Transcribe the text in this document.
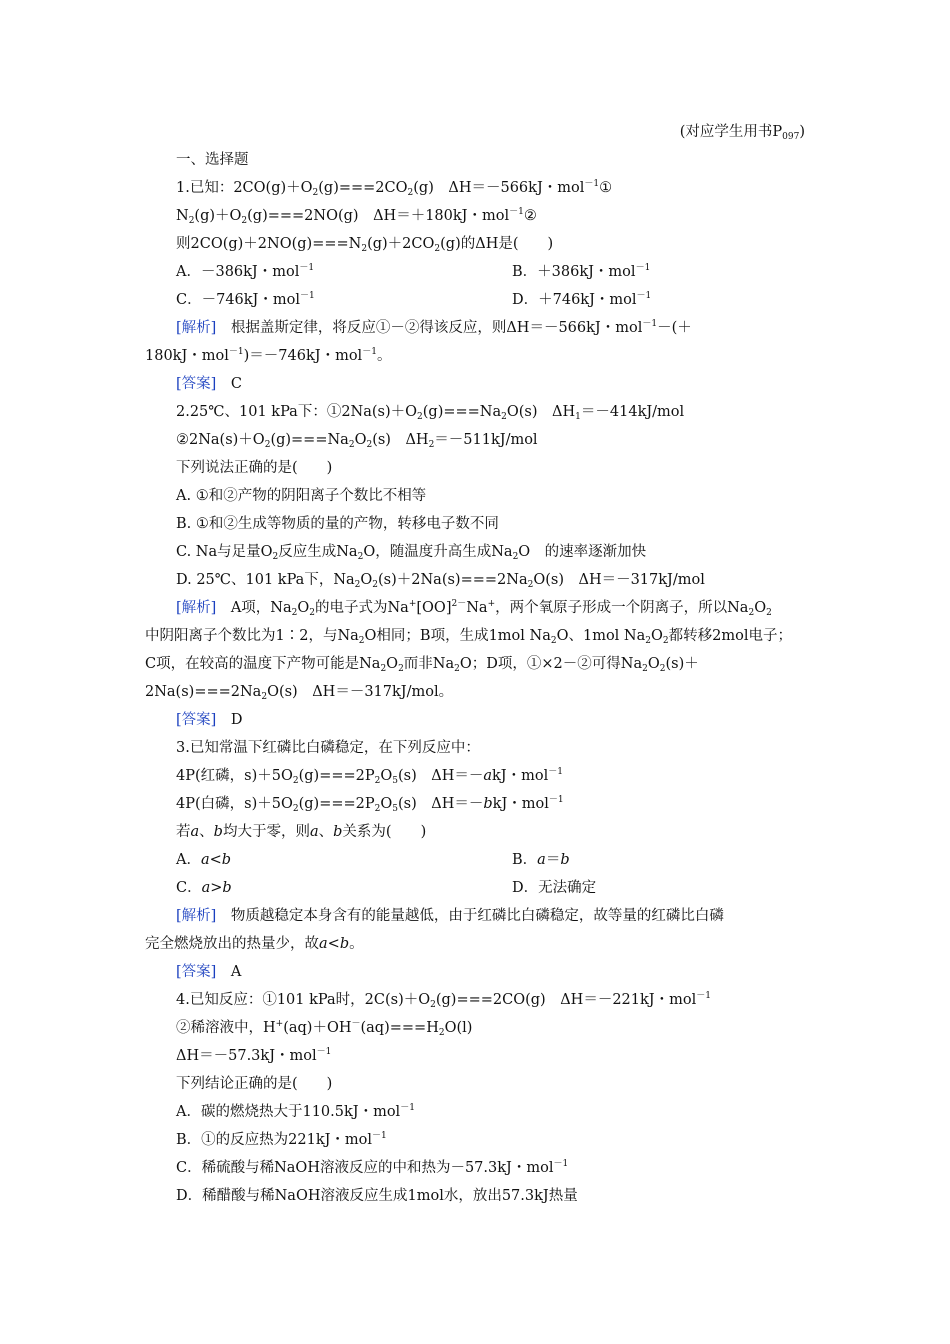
(对应学生用书$P_{097}$)
一、选择题
1.已知：$2CO(g)+O_2(g)===2CO_2(g)$　ΔH＝－566kJ・mol$^{-1}$①
$N_2(g)+O_2(g)===2NO(g)$　ΔH＝＋180kJ・mol$^{-1}$②
则$2CO(g)+2NO(g)===N_2(g)+2CO_2(g)$的ΔH是(　　)
A．－386kJ・mol$^{-1}$	B．＋386kJ・mol$^{-1}$
C．－746kJ・mol$^{-1}$	D．＋746kJ・mol$^{-1}$
[解析]　 根据盖斯定律，将反应①－②得该反应，则ΔH＝－566kJ・mol$^{-1}$－(＋
180kJ・mol$^{-1}$)＝－746kJ・mol$^{-1}$。
[答案]　 C
2.25℃、101 kPa下：$①2Na(s)+O_2(g)===Na_2O(s)$　$\Delta H_1=-414kJ$/mol
$②2Na(s)+O_2(g)===Na_2O_2(s)$　$\Delta H_2=-511kJ$/mol
下列说法正确的是(　　)
A. ①和②产物的阴阳离子个数比不相等
B. ①和②生成等物质的量的产物，转移电子数不同
C. Na与足量$O_2$反应生成$Na_2O$，随温度升高生成$Na_2O$　的速率逐渐加快
D. 25℃、101 kPa下，$Na_2O_2(s)+2Na(s)===2Na_2O(s)$　ΔH＝－317kJ/mol
[解析]　 A项，$Na_2O_2$的电子式为Na+[OO]$^{2-}$Na+，两个氧原子形成一个阴离子，所以$Na_2O_2$
中阴阳离子个数比为1∶2，与$Na_2O$相同；B项，生成1mol $Na_2O$、1mol $Na_2O_2$都转移2mol电子；
C项，在较高的温度下产物可能是$Na_2O_2$而非$Na_2O$；D项，①×2－②可得$Na_2O_2(s)+$
$2Na(s)===2Na_2O(s)$　ΔH＝－317kJ/mol。
[答案]　 D
3.已知常温下红磷比白磷稳定，在下列反应中：
4P(红磷，$s)+5O_2(g)===2P_2O_5(s)$　ΔH＝－akJ・mol$^{-1}$
4P(白磷，$s)+5O_2(g)===2P_2O_5(s)$　ΔH＝－bkJ・mol$^{-1}$
若a、b均大于零，则a、b关系为(　　)
A．a<b	B．a＝b
C．a>b	D．无法确定
[解析]　 物质越稳定本身含有的能量越低，由于红磷比白磷稳定，故等量的红磷比白磷
完全燃烧放出的热量少，故a<b。
[答案]　 A
4.已知反应：①101 kPa时，$2C(s)+O_2(g)===2CO(g)$　ΔH＝－221kJ・mol$^{-1}$
②稀溶液中，$H^+(aq)+OH^-(aq)===H_2O(l)$
ΔH＝－57.3kJ・mol$^{-1}$
下列结论正确的是(　　)
A．碳的燃烧热大于110.5kJ・mol$^{-1}$
B．①的反应热为221kJ・mol$^{-1}$
C．稀硫酸与稀NaOH溶液反应的中和热为－57.3kJ・mol$^{-1}$
D．稀醋酸与稀NaOH溶液反应生成1mol水，放出57.3kJ热量
